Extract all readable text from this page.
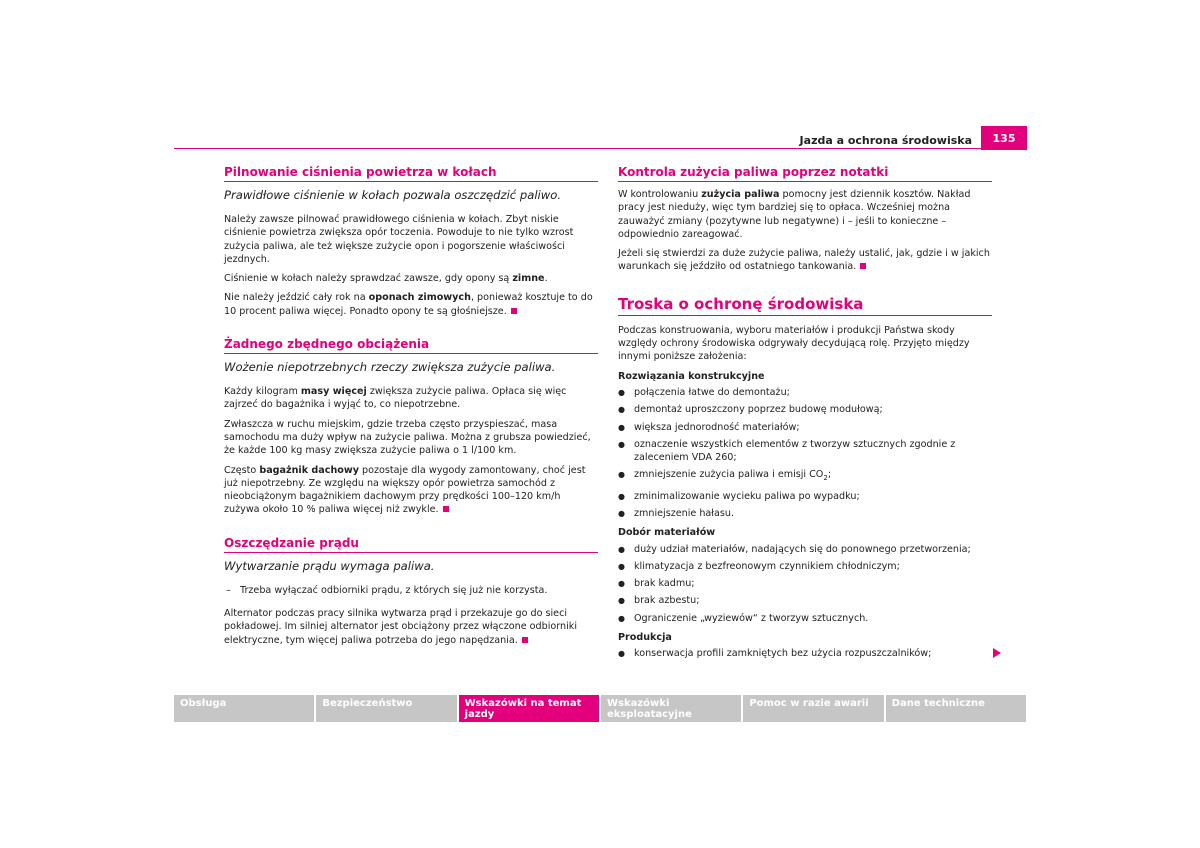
Jazda a ochrona środowiska	135
Pilnowanie ciśnienia powietrza w kołach
Prawidłowe ciśnienie w kołach pozwala oszczędzić paliwo.

Należy zawsze pilnować prawidłowego ciśnienia w kołach. Zbyt niskie ciśnienie powietrza zwiększa opór toczenia. Powoduje to nie tylko wzrost zużycia paliwa, ale też większe zużycie opon i pogorszenie właściwości jezdnych.

Ciśnienie w kołach należy sprawdzać zawsze, gdy opony są zimne.

Nie należy jeździć cały rok na oponach zimowych, ponieważ kosztuje to do 10 procent paliwa więcej. Ponadto opony te są głośniejsze.

Żadnego zbędnego obciążenia
Wożenie niepotrzebnych rzeczy zwiększa zużycie paliwa.

Każdy kilogram masy więcej zwiększa zużycie paliwa. Opłaca się więc zajrzeć do bagażnika i wyjąć to, co niepotrzebne.

Zwłaszcza w ruchu miejskim, gdzie trzeba często przyspieszać, masa samochodu ma duży wpływ na zużycie paliwa. Można z grubsza powiedzieć, że każde 100 kg masy zwiększa zużycie paliwa o 1 l/100 km.

Często bagażnik dachowy pozostaje dla wygody zamontowany, choć jest już niepotrzebny. Ze względu na większy opór powietrza samochód z nieobciążonym bagażnikiem dachowym przy prędkości 100–120 km/h zużywa około 10 % paliwa więcej niż zwykle.

Oszczędzanie prądu
Wytwarzanie prądu wymaga paliwa.
– Trzeba wyłączać odbiorniki prądu, z których się już nie korzysta.

Alternator podczas pracy silnika wytwarza prąd i przekazuje go do sieci pokładowej. Im silniej alternator jest obciążony przez włączone odbiorniki elektryczne, tym więcej paliwa potrzeba do jego napędzania.

Kontrola zużycia paliwa poprzez notatki

W kontrolowaniu zużycia paliwa pomocny jest dziennik kosztów. Nakład pracy jest nieduży, więc tym bardziej się to opłaca. Wcześniej można zauważyć zmiany (pozytywne lub negatywne) i – jeśli to konieczne – odpowiednio zareagować.

Jeżeli się stwierdzi za duże zużycie paliwa, należy ustalić, jak, gdzie i w jakich warunkach się jeździło od ostatniego tankowania.

Troska o ochronę środowiska

Podczas konstruowania, wyboru materiałów i produkcji Państwa skody względy ochrony środowiska odgrywały decydującą rolę. Przyjęto między innymi poniższe założenia:

Rozwiązania konstrukcyjne
● połączenia łatwe do demontażu;
● demontaż uproszczony poprzez budowę modułową;
● większa jednorodność materiałów;
● oznaczenie wszystkich elementów z tworzyw sztucznych zgodnie z zaleceniem VDA 260;
● zmniejszenie zużycia paliwa i emisji $CO_2$;
● zminimalizowanie wycieku paliwa po wypadku;
● zmniejszenie hałasu.
Dobór materiałów
● duży udział materiałów, nadających się do ponownego przetworzenia;
● klimatyzacja z bezfreonowym czynnikiem chłodniczym;
● brak kadmu;
● brak azbestu;
● Ograniczenie „wyziewów“ z tworzyw sztucznych.
Produkcja
● konserwacja profili zamkniętych bez użycia rozpuszczalników;
Obsługa	Bezpieczeństwo	Wskazówki na temat jazdy
Wskazówki eksploatacyjne
Pomoc w razie awarii	Dane techniczne
